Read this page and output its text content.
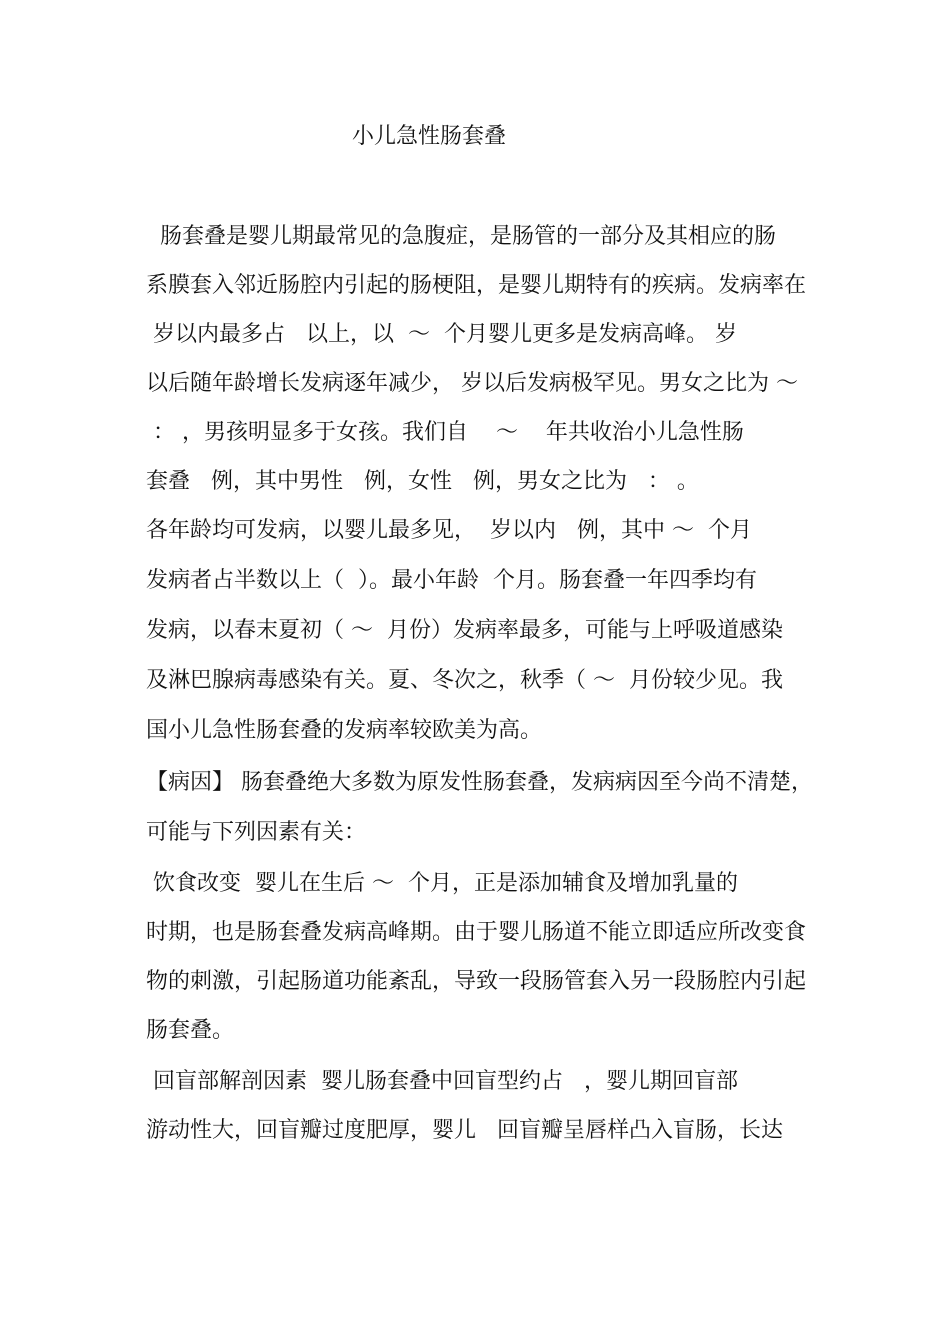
小儿急性肠套叠
肠套叠是婴儿期最常见的急腹症，是肠管的一部分及其相应的肠
系膜套入邻近肠腔内引起的肠梗阻，是婴儿期特有的疾病。发病率在
岁以内最多占   以上，以  ～  个月婴儿更多是发病高峰。 岁
以后随年龄增长发病逐年减少， 岁以后发病极罕见。男女之比为 ～
： ，男孩明显多于女孩。我们自    ～    年共收治小儿急性肠
套叠   例，其中男性   例，女性   例，男女之比为   ： 。
各年龄均可发病，以婴儿最多见，  岁以内   例，其中 ～  个月
发病者占半数以上（  ）。最小年龄  个月。肠套叠一年四季均有
发病，以春末夏初（ ～  月份）发病率最多，可能与上呼吸道感染
及淋巴腺病毒感染有关。夏、冬次之，秋季（ ～  月份较少见。我
国小儿急性肠套叠的发病率较欧美为高。
【病因】 肠套叠绝大多数为原发性肠套叠，发病病因至今尚不清楚，
可能与下列因素有关：
饮食改变  婴儿在生后 ～  个月，正是添加辅食及增加乳量的
时期，也是肠套叠发病高峰期。由于婴儿肠道不能立即适应所改变食
物的刺激，引起肠道功能紊乱，导致一段肠管套入另一段肠腔内引起
肠套叠。
回盲部解剖因素  婴儿肠套叠中回盲型约占   ，婴儿期回盲部
游动性大，回盲瓣过度肥厚，婴儿   回盲瓣呈唇样凸入盲肠，长达
